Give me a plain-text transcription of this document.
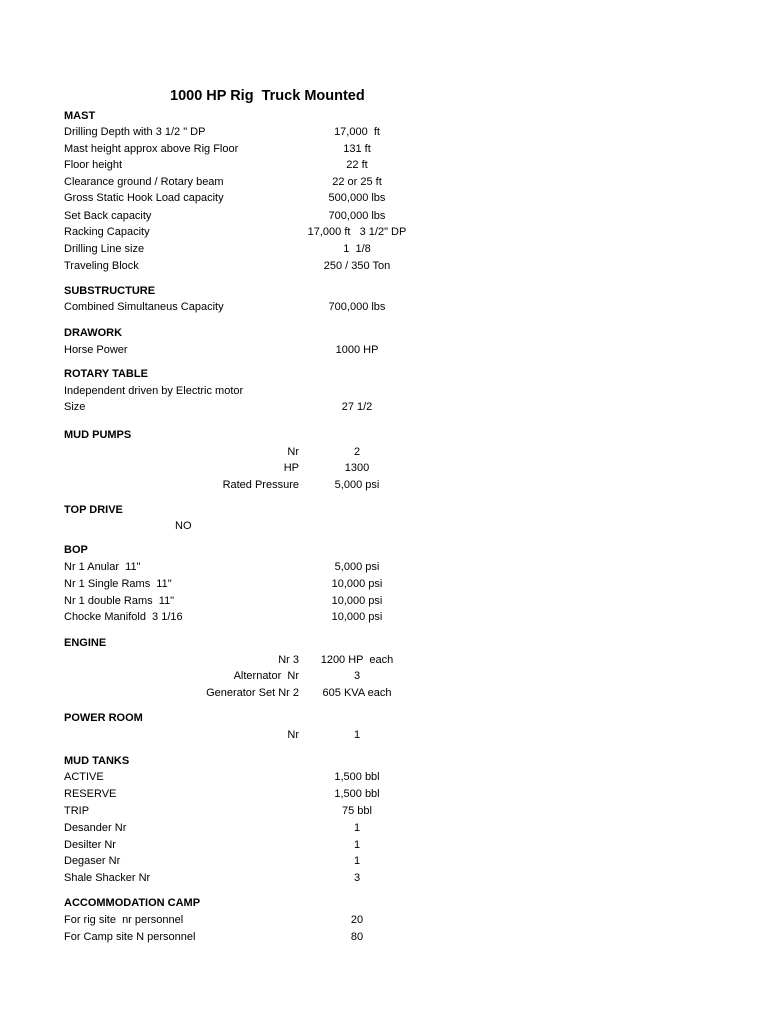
1000 HP Rig  Truck Mounted
MAST
Drilling Depth with 3 1/2 " DP	17,000  ft
Mast height approx above Rig Floor	131 ft
Floor height	22 ft
Clearance ground / Rotary beam	22 or 25 ft
Gross Static Hook Load capacity	500,000 lbs
Set Back capacity	700,000 lbs
Racking Capacity	17,000 ft   3 1/2" DP
Drilling Line size	1  1/8
Traveling Block	250 / 350 Ton
SUBSTRUCTURE
Combined Simultaneus Capacity	700,000 lbs
DRAWORK
Horse Power	1000 HP
ROTARY TABLE
Independent driven by Electric motor
Size	27 1/2
MUD PUMPS
Nr	2
HP	1300
Rated Pressure	5,000 psi
TOP DRIVE
NO
BOP
Nr 1 Anular  11"	5,000 psi
Nr 1 Single Rams  11"	10,000 psi
Nr 1 double Rams  11"	10,000 psi
Chocke Manifold  3 1/16	10,000 psi
ENGINE
Nr 3	1200 HP  each
Alternator  Nr	3
Generator Set Nr 2	605 KVA each
POWER ROOM
Nr	1
MUD TANKS
ACTIVE	1,500 bbl
RESERVE	1,500 bbl
TRIP	75 bbl
Desander Nr	1
Desilter Nr	1
Degaser Nr	1
Shale Shacker Nr	3
ACCOMMODATION CAMP
For rig site  nr personnel	20
For Camp site N personnel	80
